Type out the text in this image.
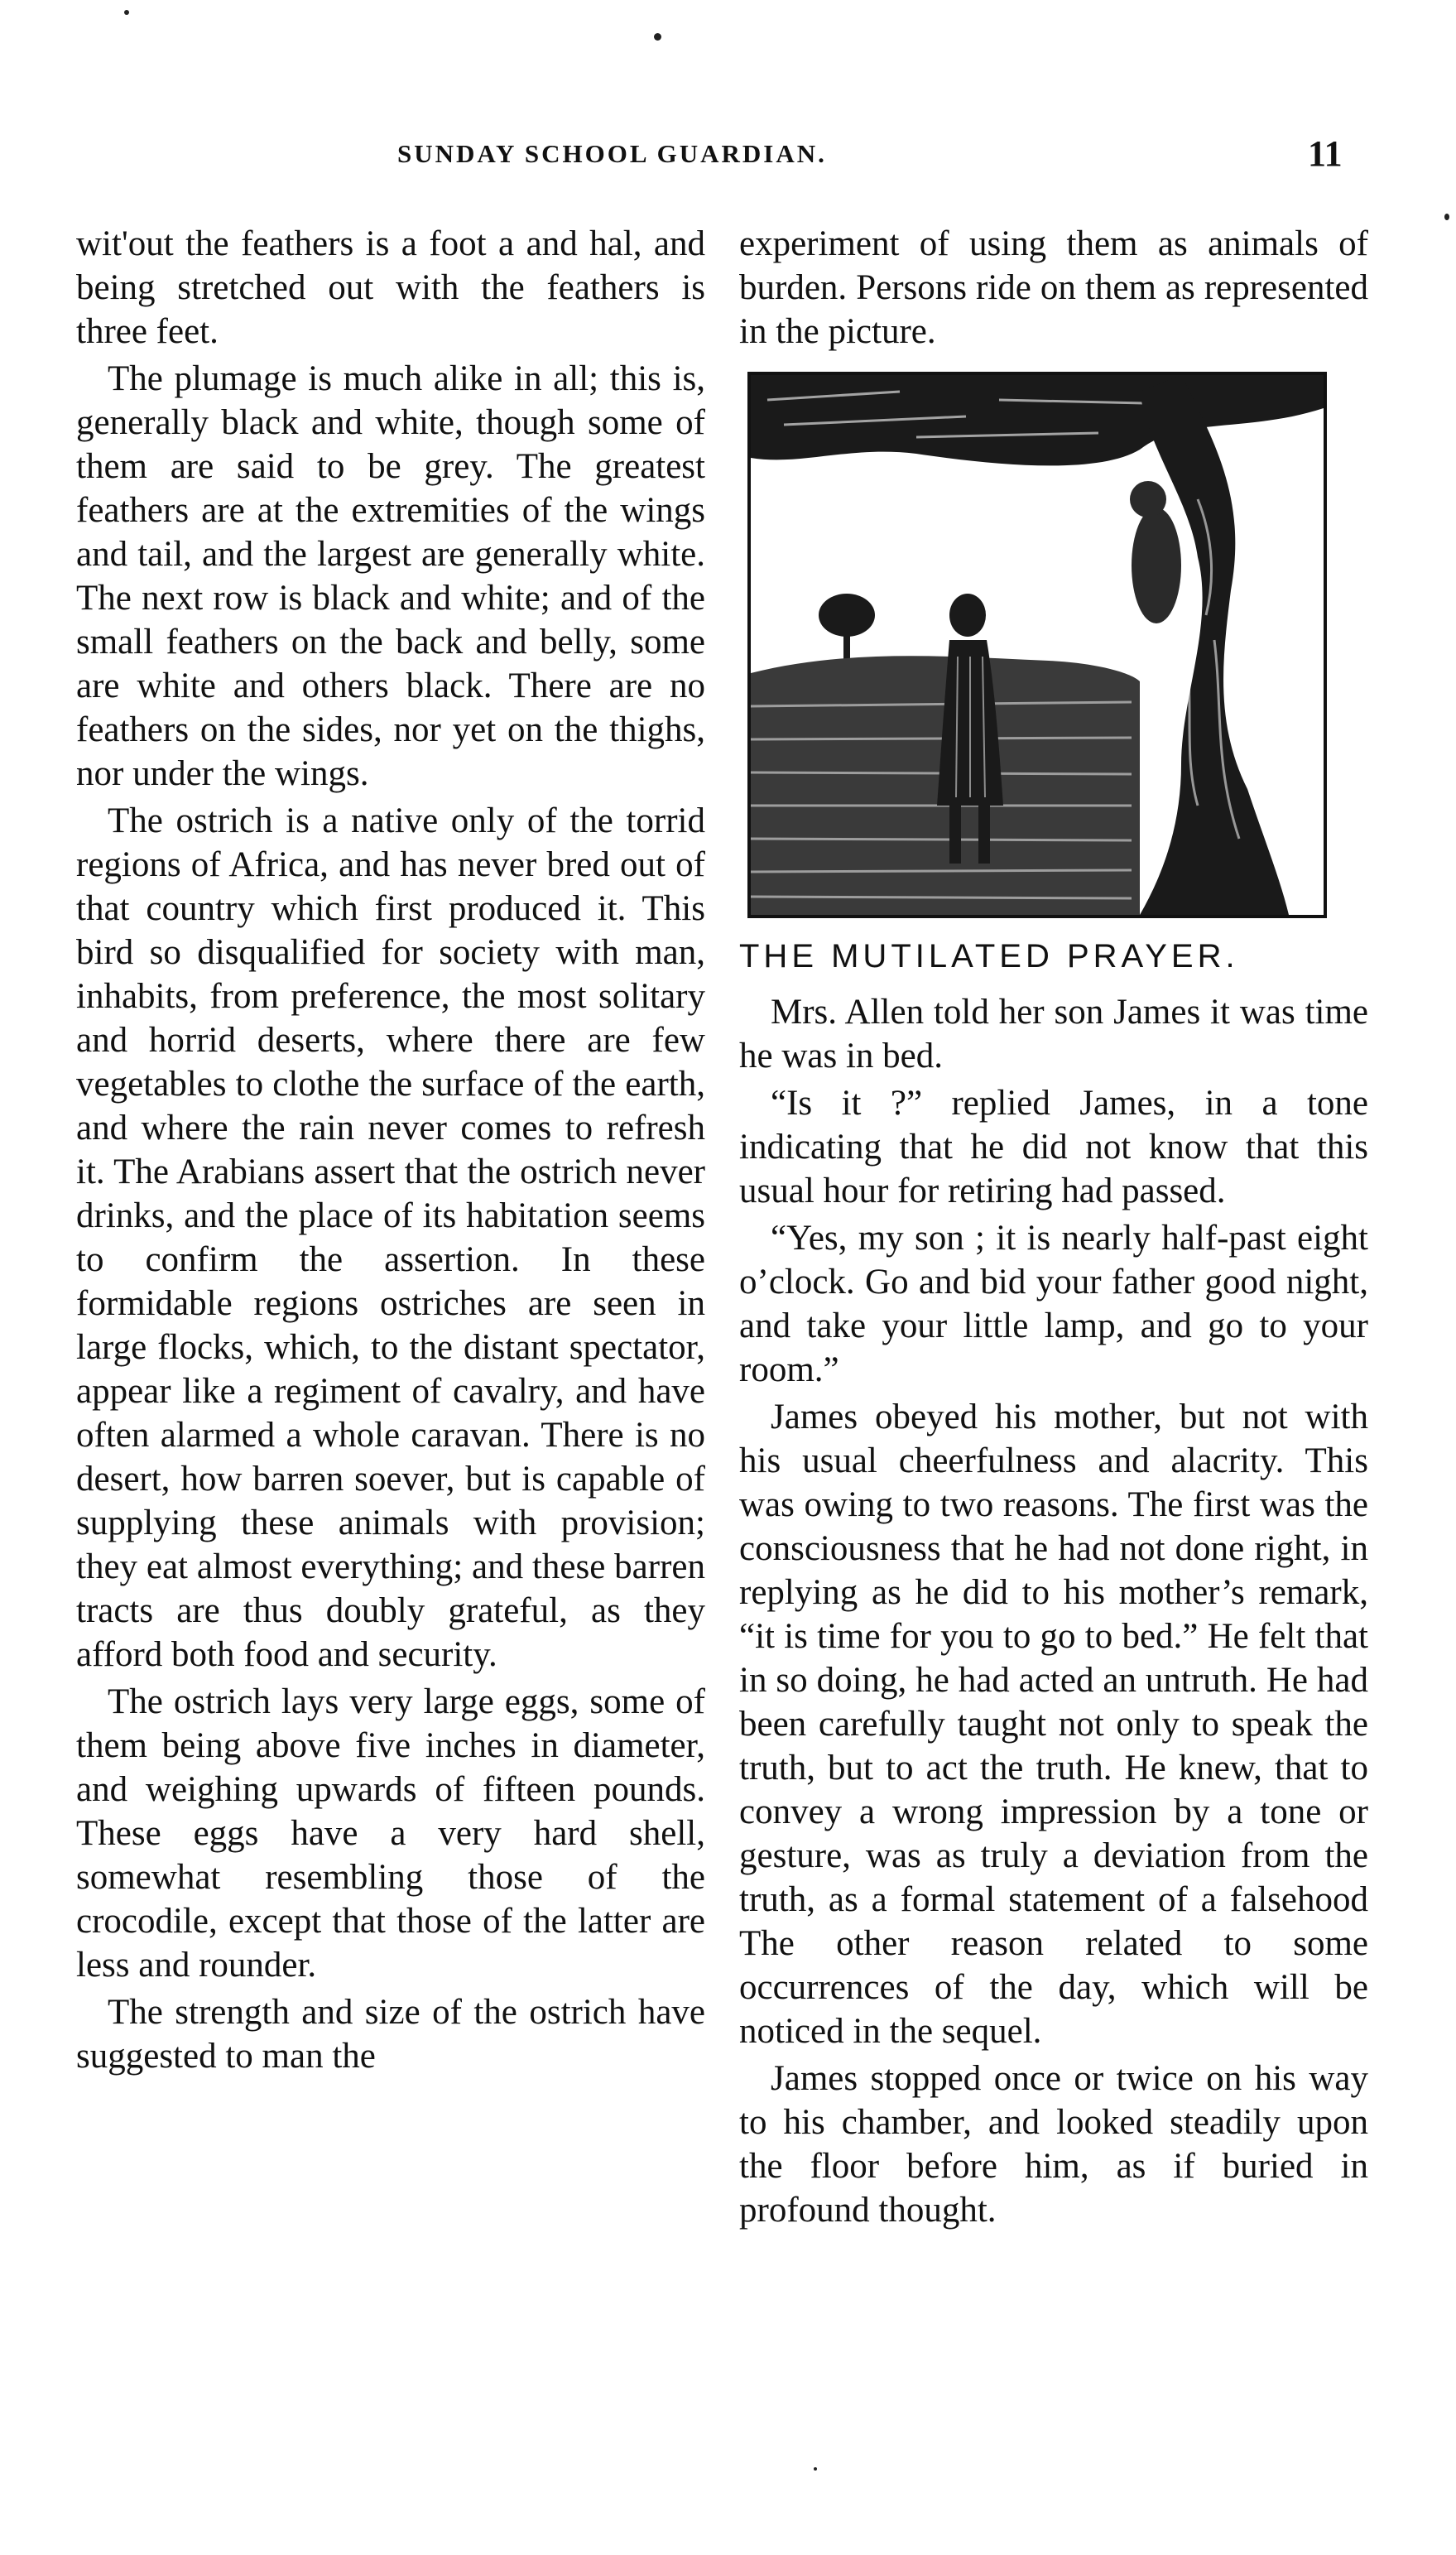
SUNDAY SCHOOL GUARDIAN.	11

wit'out the feathers is a foot a and hal, and being stretched out with the feathers is three feet.

The plumage is much alike in all; this is, generally black and white, though some of them are said to be grey. The greatest feathers are at the extremities of the wings and tail, and the largest are generally white. The next row is black and white; and of the small feathers on the back and belly, some are white and others black. There are no feathers on the sides, nor yet on the thighs, nor under the wings.

The ostrich is a native only of the torrid regions of Africa, and has never bred out of that country which first produced it. This bird so disqualified for society with man, inhabits, from preference, the most solitary and horrid deserts, where there are few vegetables to clothe the surface of the earth, and where the rain never comes to refresh it. The Arabians assert that the ostrich never drinks, and the place of its habitation seems to confirm the assertion. In these formidable regions ostriches are seen in large flocks, which, to the distant spectator, appear like a regiment of cavalry, and have often alarmed a whole caravan. There is no desert, how barren soever, but is capable of supplying these animals with provision; they eat almost everything; and these barren tracts are thus doubly grateful, as they afford both food and security.

The ostrich lays very large eggs, some of them being above five inches in diameter, and weighing upwards of fifteen pounds. These eggs have a very hard shell, somewhat resembling those of the crocodile, except that those of the latter are less and rounder.

The strength and size of the ostrich have suggested to man the

experiment of using them as animals of burden. Persons ride on them as represented in the picture.

THE MUTILATED PRAYER.

Mrs. Allen told her son James it was time he was in bed.

“Is it ?” replied James, in a tone indicating that he did not know that this usual hour for retiring had passed.

“Yes, my son ; it is nearly half-past eight o’clock. Go and bid your father good night, and take your little lamp, and go to your room.”

James obeyed his mother, but not with his usual cheerfulness and alacrity. This was owing to two reasons. The first was the consciousness that he had not done right, in replying as he did to his mother’s remark, “it is time for you to go to bed.” He felt that in so doing, he had acted an untruth. He had been carefully taught not only to speak the truth, but to act the truth. He knew, that to convey a wrong impression by a tone or gesture, was as truly a deviation from the truth, as a formal statement of a falsehood The other reason related to some occurrences of the day, which will be noticed in the sequel.

James stopped once or twice on his way to his chamber, and looked steadily upon the floor before him, as if buried in profound thought.
